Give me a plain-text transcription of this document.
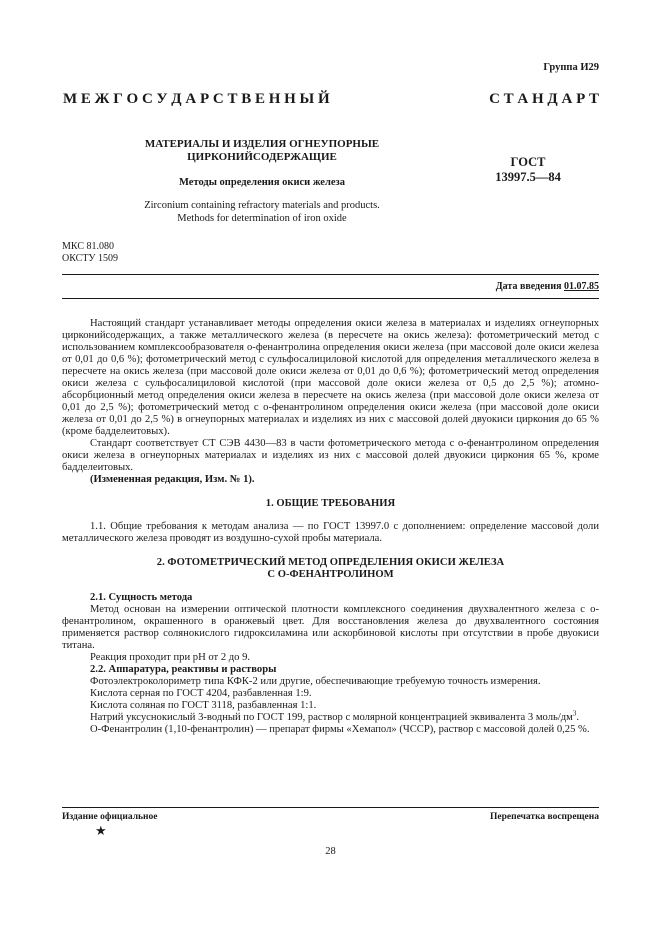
Группа И29
М Е Ж Г О С У Д А Р С Т В Е Н Н Ы Й	С Т А Н Д А Р Т
МАТЕРИАЛЫ И ИЗДЕЛИЯ ОГНЕУПОРНЫЕ
ЦИРКОНИЙСОДЕРЖАЩИЕ
Методы определения окиси железа
Zirconium containing refractory materials and products.
Methods for determination of iron oxide
ГОСТ
13997.5—84
МКС 81.080
ОКСТУ 1509
Дата введения 01.07.85

Настоящий стандарт устанавливает методы определения окиси железа в материалах и изделиях огнеупорных цирконийсодержащих, а также металлического железа (в пересчете на окись железа): фотометрический метод с использованием комплексообразователя о-фенантролина определения окиси железа (при массовой доле окиси железа от 0,01 до 0,6 %); фотометрический метод с сульфосалициловой кислотой для определения металлического железа в пересчете на окись железа (при массовой доле окиси железа от 0,01 до 0,6 %); фотометрический метод определения окиси железа с сульфосалициловой кислотой (при массовой доле окиси железа от 0,5 до 2,5 %); атомно-абсорбционный метод определения окиси железа в пересчете на окись железа (при массовой доле окиси железа от 0,01 до 2,5 %); фотометрический метод с о-фенантролином определения окиси железа (при массовой доле окиси железа от 0,01 до 2,5 %) в огнеупорных материалах и изделиях из них с массовой долей двуокиси циркония до 65 % (кроме бадделеитовых).

Стандарт соответствует СТ СЭВ 4430—83 в части фотометрического метода с о-фенантролином определения окиси железа в огнеупорных материалах и изделиях из них с массовой долей двуокиси циркония 65 %, кроме бадделеитовых.

(Измененная редакция, Изм. № 1).

1. ОБЩИЕ ТРЕБОВАНИЯ

1.1. Общие требования к методам анализа — по ГОСТ 13997.0 с дополнением: определение массовой доли металлического железа проводят из воздушно-сухой пробы материала.

2. ФОТОМЕТРИЧЕСКИЙ МЕТОД ОПРЕДЕЛЕНИЯ ОКИСИ ЖЕЛЕЗА
С О-ФЕНАНТРОЛИНОМ

2.1. Сущность метода

Метод основан на измерении оптической плотности комплексного соединения двухвалентного железа с о-фенантролином, окрашенного в оранжевый цвет. Для восстановления железа до двухвалентного состояния применяется раствор солянокислого гидроксиламина или аскорбиновой кислоты при отсутствии в пробе двуокиси титана.

Реакция проходит при рН от 2 до 9.

2.2. Аппаратура, реактивы и растворы

Фотоэлектроколориметр типа КФК-2 или другие, обеспечивающие требуемую точность измерения.

Кислота серная по ГОСТ 4204, разбавленная 1:9.

Кислота соляная по ГОСТ 3118, разбавленная 1:1.

Натрий уксуснокислый 3-водный по ГОСТ 199, раствор с молярной концентрацией эквивалента 3 моль/$дм^3$.

О-Фенантролин (1,10-фенантролин) — препарат фирмы «Хемапол» (ЧССР), раствор с массовой долей 0,25 %.

Издание официальное	Перепечатка воспрещена
★
28
